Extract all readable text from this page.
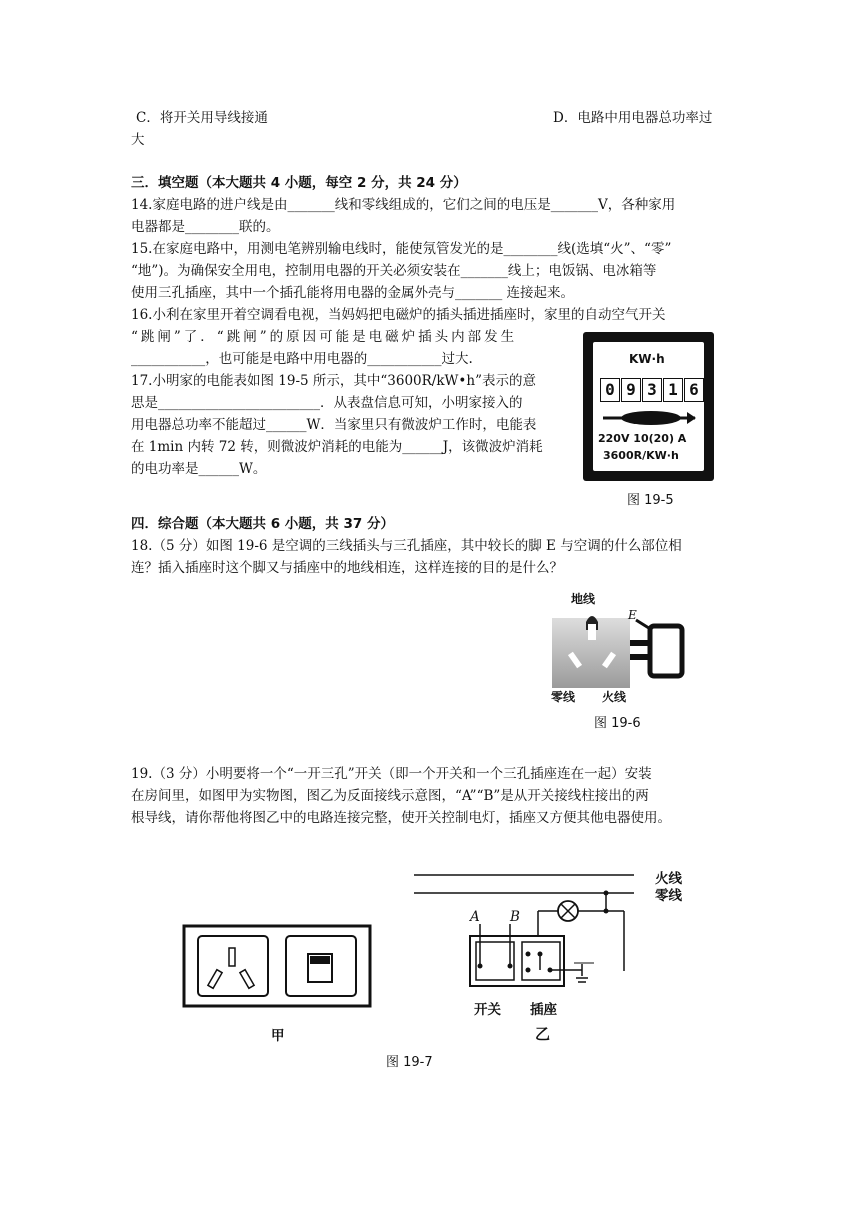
C．将开关用导线接通	D．电路中用电器总功率过
大
三．填空题（本大题共 4 小题，每空 2 分，共 24 分）
14.家庭电路的进户线是由_______线和零线组成的，它们之间的电压是_______V，各种家用
电器都是________联的。
15.在家庭电路中，用测电笔辨别输电线时，能使氖管发光的是________线(选填“火”、“零”
“地”)。为确保安全用电，控制用电器的开关必须安装在_______线上；电饭锅、电冰箱等
使用三孔插座，其中一个插孔能将用电器的金属外壳与_______ 连接起来。
16.小利在家里开着空调看电视，当妈妈把电磁炉的插头插进插座时，家里的自动空气开关
“跳闸”了．“跳闸”的原因可能是电磁炉插头内部发生
___________，也可能是电路中用电器的___________过大.
17.小明家的电能表如图 19-5 所示，其中“3600R/kW•h”表示的意
思是________________________．从表盘信息可知，小明家接入的
用电器总功率不能超过______W．当家里只有微波炉工作时，电能表
在 1min 内转 72 转，则微波炉消耗的电能为______J，该微波炉消耗
的电功率是______W。
KW·h
0 9 3 1 6
220V 10(20) A
3600R/KW·h
图 19-5
四．综合题（本大题共 6 小题，共 37 分）
18.（5 分）如图 19-6 是空调的三线插头与三孔插座，其中较长的脚 E 与空调的什么部位相
连？插入插座时这个脚又与插座中的地线相连，这样连接的目的是什么？
地线
E
零线 火线
图 19-6
19.（3 分）小明要将一个“一开三孔”开关（即一个开关和一个三孔插座连在一起）安装
在房间里，如图甲为实物图，图乙为反面接线示意图，“A”“B”是从开关接线柱接出的两
根导线，请你帮他将图乙中的电路连接完整，使开关控制电灯，插座又方便其他电器使用。
甲
火线
零线
A B
开关 插座
乙
图 19-7
